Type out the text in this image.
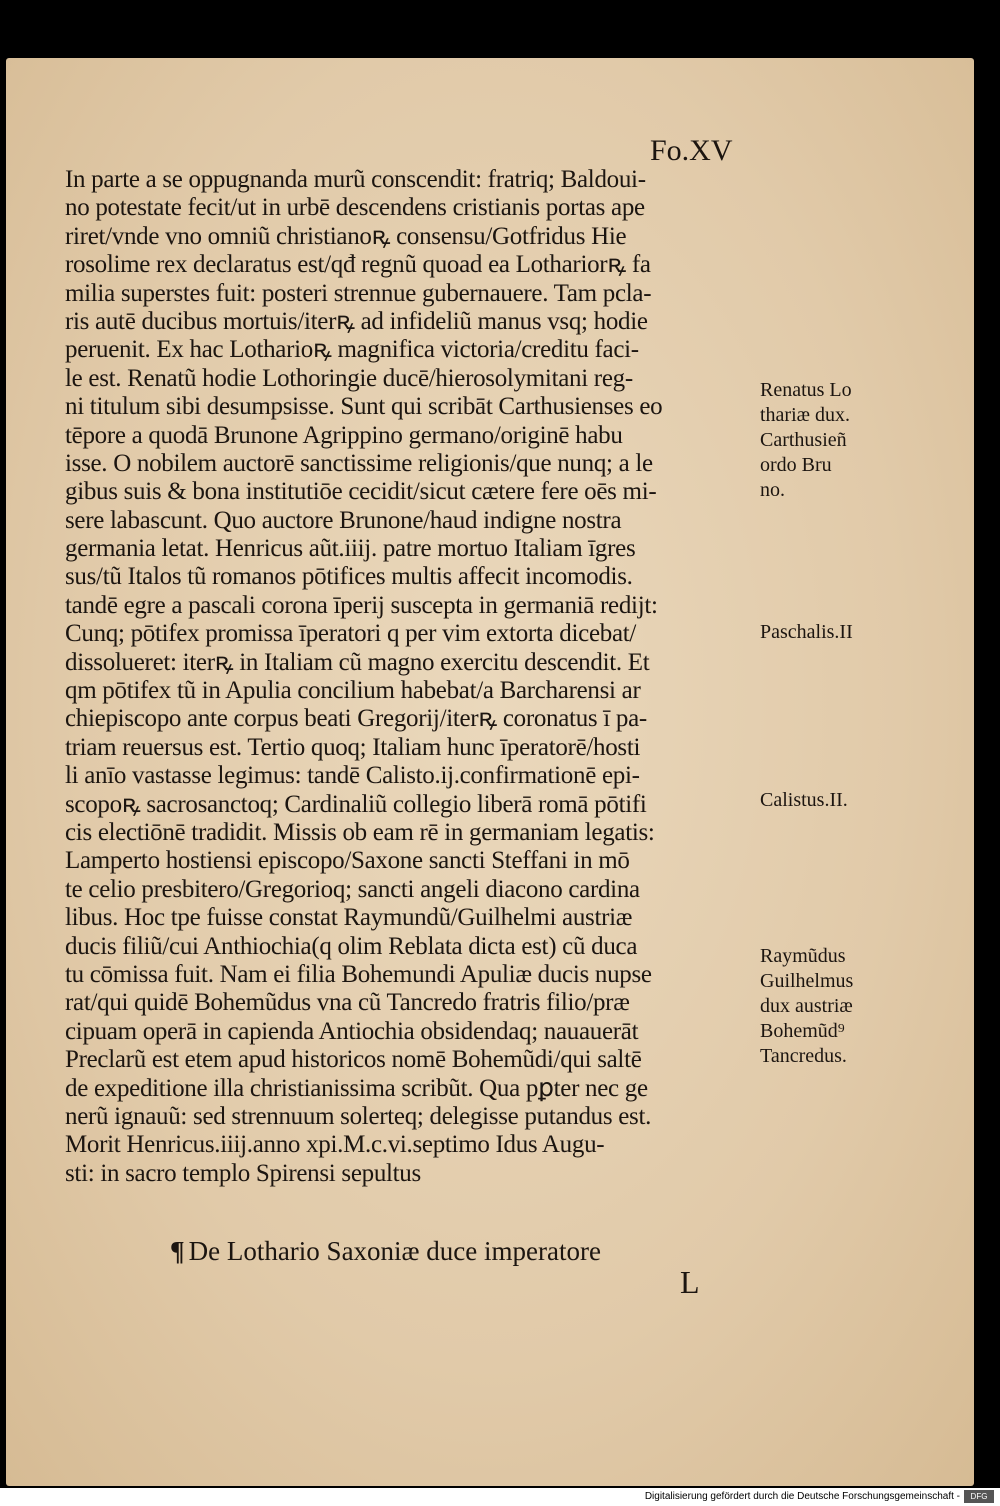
Fo.XV
In parte a se oppugnanda murũ conscendit: fratriq; Baldoui-
no potestate fecit/ut in urbē descendens cristianis portas ape
riret/vnde vno omniũ christianoꝶ consensu/Gotfridus Hie
rosolime rex declaratus est/qđ regnũ quoad ea Lothariorꝶ fa
milia superstes fuit: posteri strennue gubernauere. Tam pcla-
ris autē ducibus mortuis/iterꝶ ad infideliũ manus vsq; hodie
peruenit. Ex hac Lotharioꝶ magnifica victoria/creditu faci-
le est. Renatũ hodie Lothoringie ducē/hierosolymitani reg-
ni titulum sibi desumpsisse. Sunt qui scribāt Carthusienses eo
tēpore a quodā Brunone Agrippino germano/originē habu
isse. O nobilem auctorē sanctissime religionis/que nunq; a le
gibus suis & bona institutiōe cecidit/sicut cætere fere oēs mi-
sere labascunt. Quo auctore Brunone/haud indigne nostra
germania letat. Henricus aũt.iiij. patre mortuo Italiam īgres
sus/tũ Italos tũ romanos pōtifices multis affecit incomodis.
tandē egre a pascali corona īperij suscepta in germaniā redijt:
Cunq; pōtifex promissa īperatori q per vim extorta dicebat/
dissolueret: iterꝶ in Italiam cũ magno exercitu descendit. Et
qm pōtifex tũ in Apulia concilium habebat/a Barcharensi ar
chiepiscopo ante corpus beati Gregorij/iterꝶ coronatus ī pa-
triam reuersus est. Tertio quoq; Italiam hunc īperatorē/hosti
li anīo vastasse legimus: tandē Calisto.ij.confirmationē epi-
scopoꝶ sacrosanctoq; Cardinaliũ collegio liberā romā pōtifi
cis electiōnē tradidit. Missis ob eam rē in germaniam legatis:
Lamperto hostiensi episcopo/Saxone sancti Steffani in mō
te celio presbitero/Gregorioq; sancti angeli diacono cardina
libus. Hoc tpe fuisse constat Raymundũ/Guilhelmi austriæ
ducis filiũ/cui Anthiochia(q olim Reblata dicta est) cũ duca
tu cōmissa fuit. Nam ei filia Bohemundi Apuliæ ducis nupse
rat/qui quidē Bohemũdus vna cũ Tancredo fratris filio/præ
cipuam operā in capienda Antiochia obsidendaq; nauauerāt
Preclarũ est etem apud historicos nomē Bohemũdi/qui saltē
de expeditione illa christianissima scribũt. Qua pꝑter nec ge
nerũ ignauũ: sed strennuum solerteq; delegisse putandus est.
Morit Henricus.iiij.anno xpi.M.c.vi.septimo Idus Augu-
sti: in sacro templo Spirensi sepultus
¶ De Lothario Saxoniæ duce imperatore
L
Renatus Lo
thariæ dux.
Carthusieñ
ordo Bru
no.
Paschalis.II
Calistus.II.
Raymũdus
Guilhelmus
dux austriæ
Bohemũd⁹
Tancredus.
Digitalisierung gefördert durch die Deutsche Forschungsgemeinschaft -	DFG
